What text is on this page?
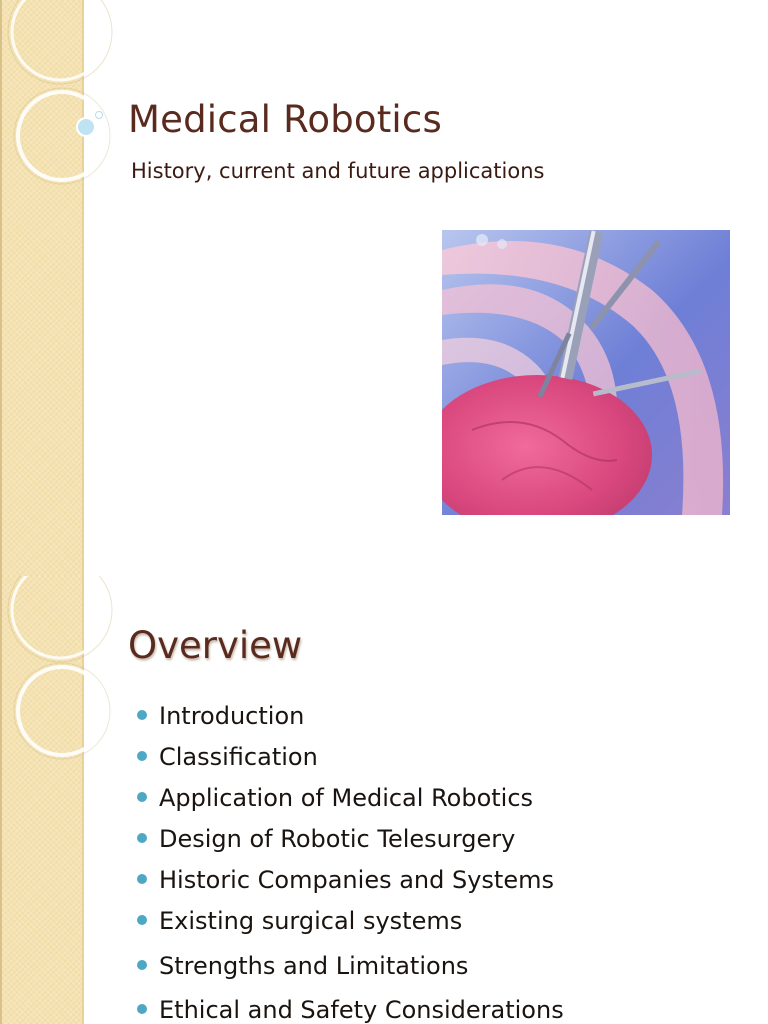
Medical Robotics

History, current and future applications

Overview
Introduction
Classification
Application of Medical Robotics
Design of Robotic Telesurgery
Historic Companies and Systems
Existing surgical systems
Strengths and Limitations
Ethical and Safety Considerations
